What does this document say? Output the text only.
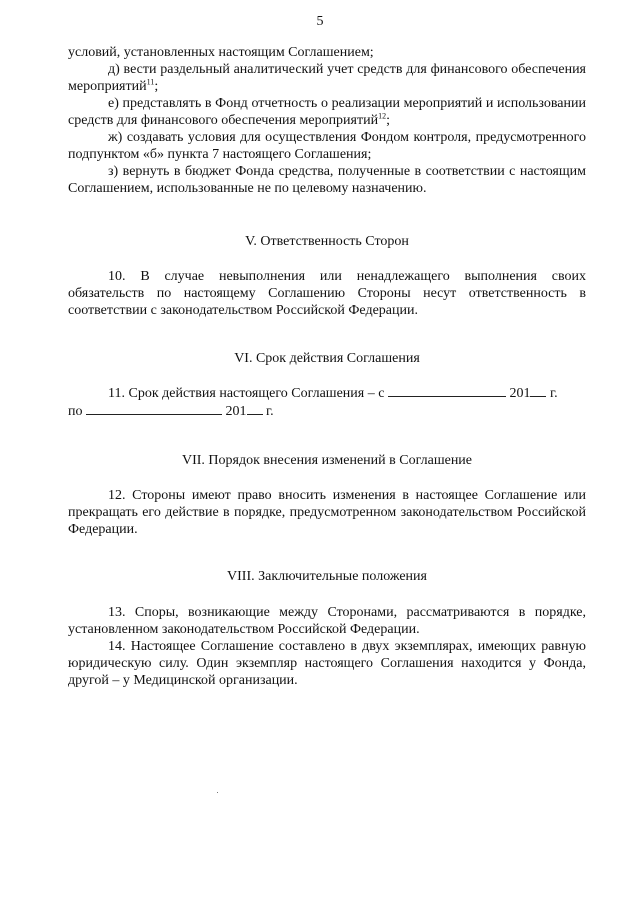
5

условий, установленных настоящим Соглашением;

д) вести раздельный аналитический учет средств для финансового обеспечения мероприятий$^{11}$;

е) представлять в Фонд отчетность о реализации мероприятий и использовании средств для финансового обеспечения мероприятий$^{12}$;

ж) создавать условия для осуществления Фондом контроля, предусмотренного подпунктом «б» пункта 7 настоящего Соглашения;

з) вернуть в бюджет Фонда средства, полученные в соответствии с настоящим Соглашением, использованные не по целевому назначению.

V. Ответственность Сторон

10. В случае невыполнения или ненадлежащего выполнения своих обязательств по настоящему Соглашению Стороны несут ответственность в соответствии с законодательством Российской Федерации.

VI. Срок действия Соглашения

11. Срок действия настоящего Соглашения – с	201 г.

по	201 г.

VII. Порядок внесения изменений в Соглашение

12. Стороны имеют право вносить изменения в настоящее Соглашение или прекращать его действие в порядке, предусмотренном законодательством Российской Федерации.

VIII. Заключительные положения

13. Споры, возникающие между Сторонами, рассматриваются в порядке, установленном законодательством Российской Федерации.

14. Настоящее Соглашение составлено в двух экземплярах, имеющих равную юридическую силу. Один экземпляр настоящего Соглашения находится у Фонда, другой – у Медицинской организации.
